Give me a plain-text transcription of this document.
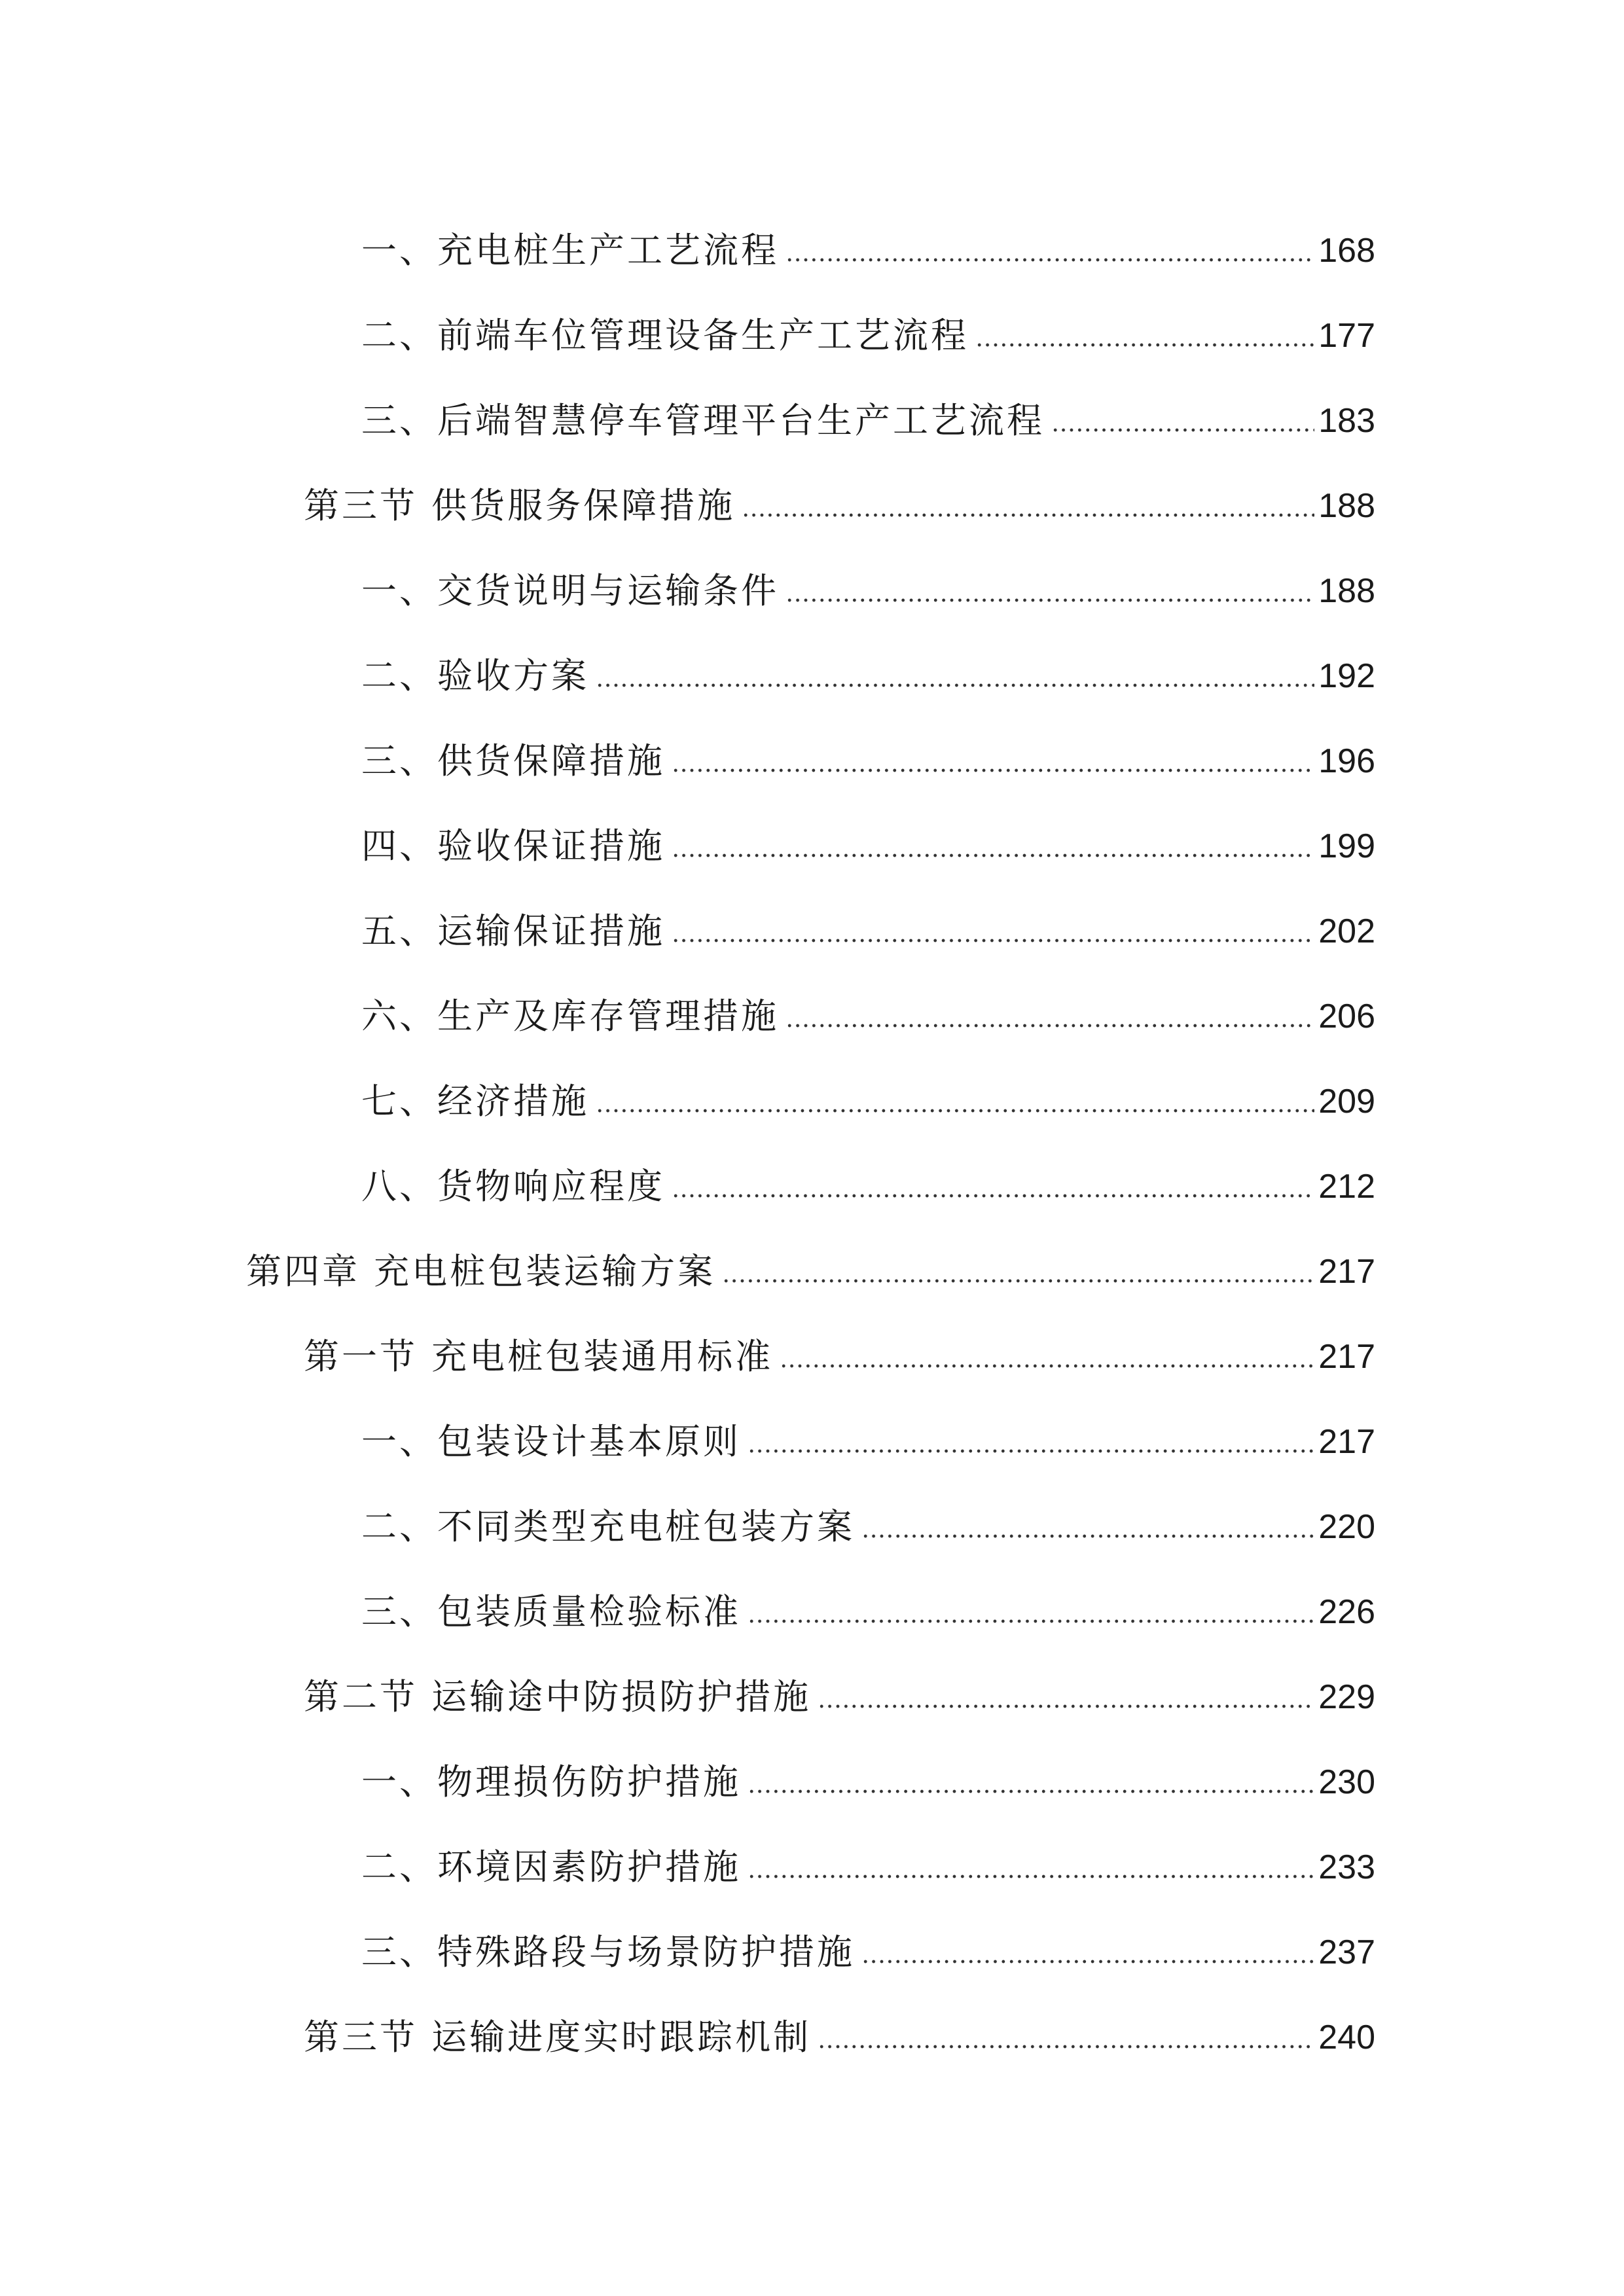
一、充电桩生产工艺流程	168
二、前端车位管理设备生产工艺流程	177
三、后端智慧停车管理平台生产工艺流程	183
第三节 供货服务保障措施	188
一、交货说明与运输条件	188
二、验收方案	192
三、供货保障措施	196
四、验收保证措施	199
五、运输保证措施	202
六、生产及库存管理措施	206
七、经济措施	209
八、货物响应程度	212
第四章 充电桩包装运输方案	217
第一节 充电桩包装通用标准	217
一、包装设计基本原则	217
二、不同类型充电桩包装方案	220
三、包装质量检验标准	226
第二节 运输途中防损防护措施	229
一、物理损伤防护措施	230
二、环境因素防护措施	233
三、特殊路段与场景防护措施	237
第三节 运输进度实时跟踪机制	240
